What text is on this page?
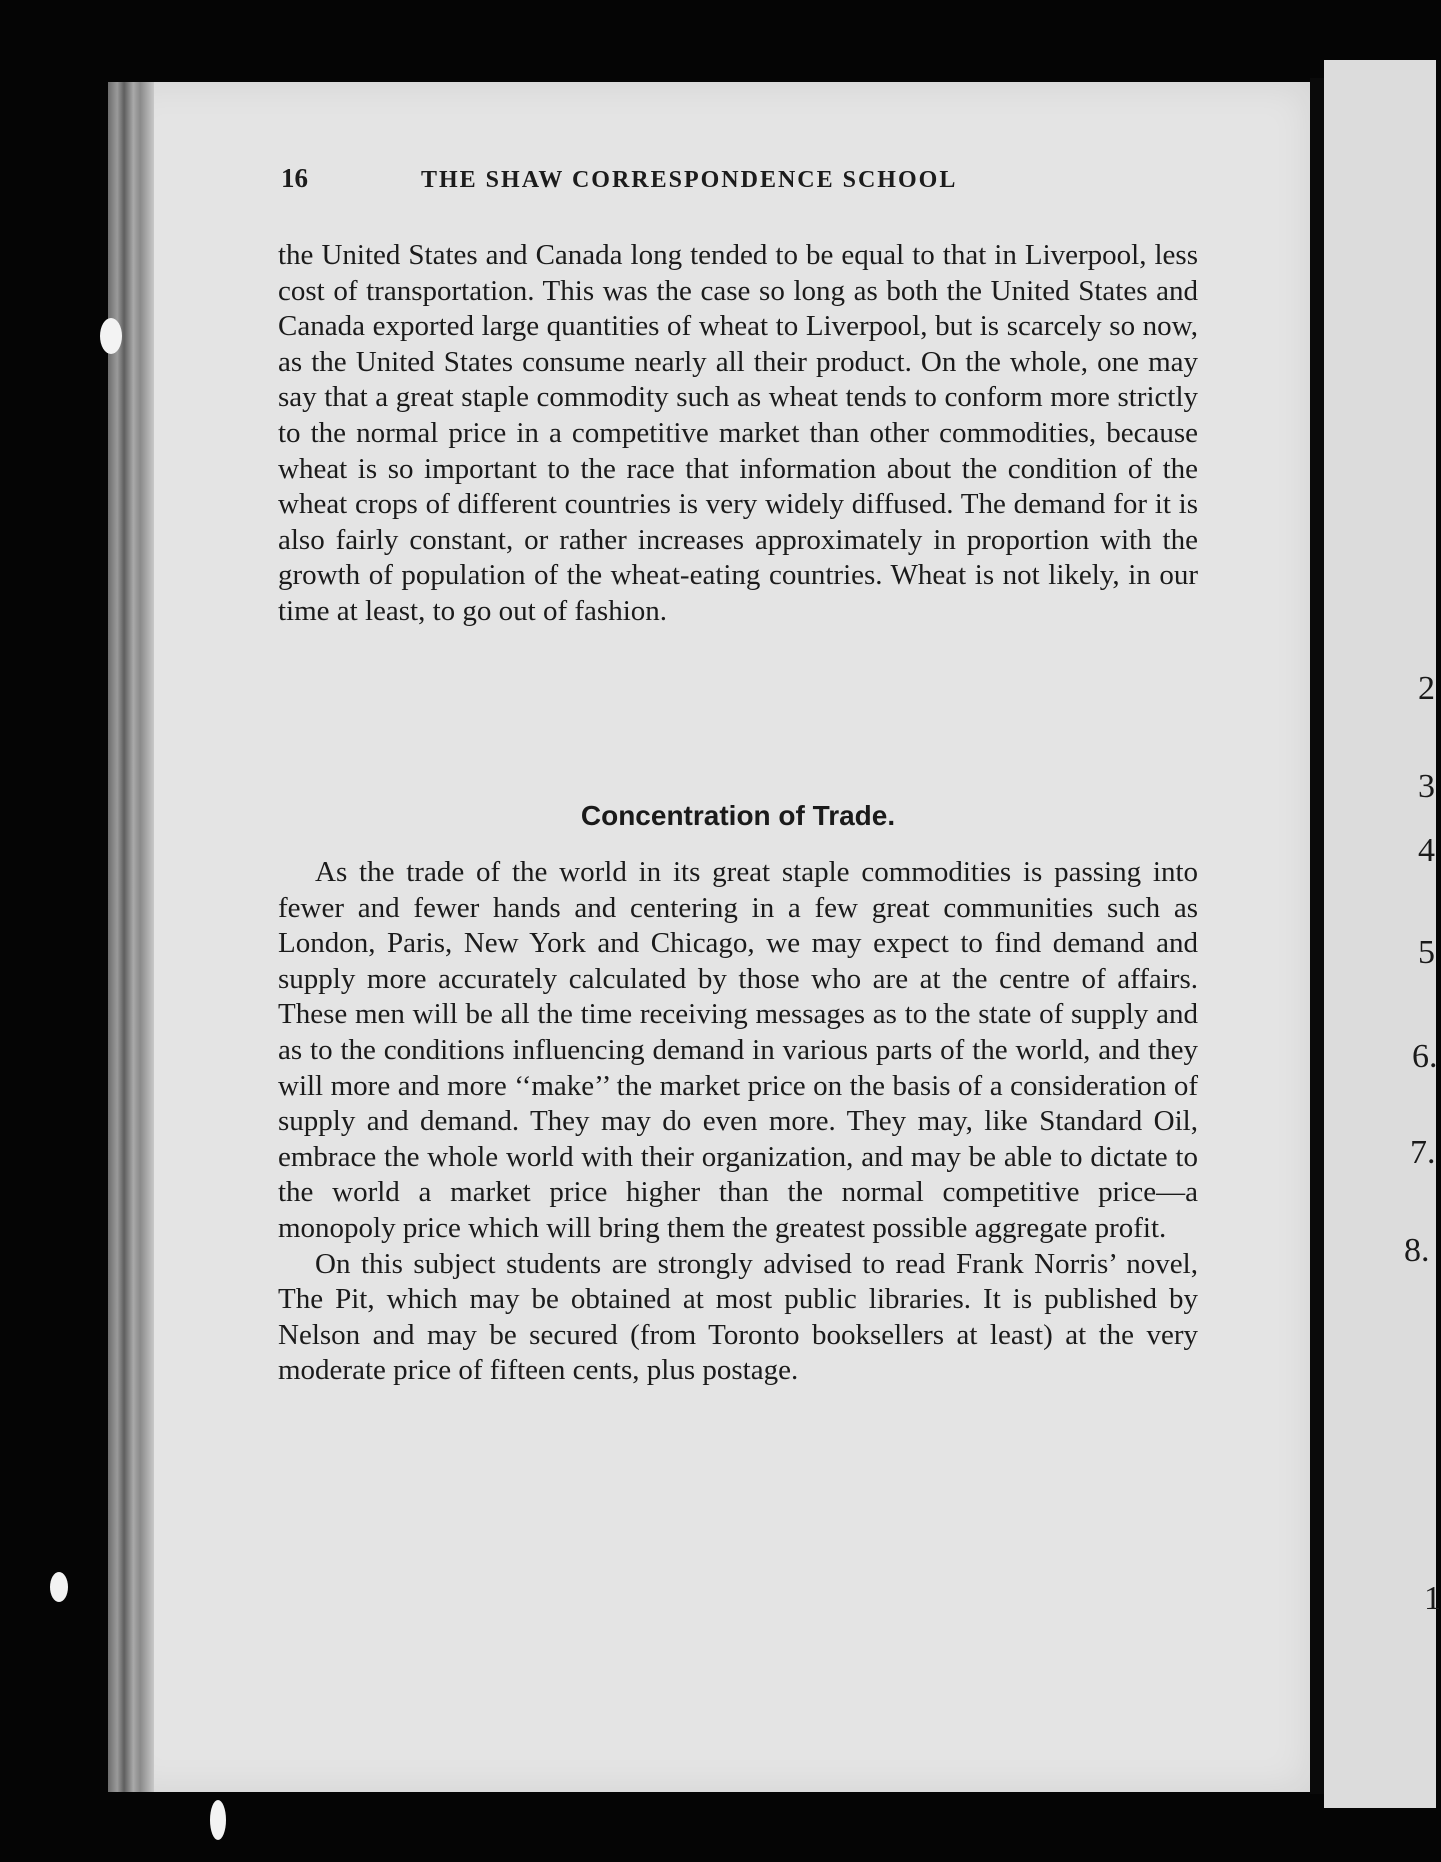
16	THE SHAW CORRESPONDENCE SCHOOL

the United States and Canada long tended to be equal to that in Liverpool, less cost of transportation. This was the case so long as both the United States and Canada exported large quantities of wheat to Liverpool, but is scarcely so now, as the United States consume nearly all their product. On the whole, one may say that a great staple commodity such as wheat tends to conform more strictly to the normal price in a competitive market than other commodities, because wheat is so important to the race that information about the condition of the wheat crops of different countries is very widely diffused. The demand for it is also fairly constant, or rather increases approximately in proportion with the growth of population of the wheat-eating countries. Wheat is not likely, in our time at least, to go out of fashion.

Concentration of Trade.

As the trade of the world in its great staple commodities is passing into fewer and fewer hands and centering in a few great communities such as London, Paris, New York and Chicago, we may expect to find demand and supply more accurately calculated by those who are at the centre of affairs. These men will be all the time receiving messages as to the state of supply and as to the conditions influencing demand in various parts of the world, and they will more and more ‘‘make’’ the market price on the basis of a consideration of supply and demand. They may do even more. They may, like Standard Oil, embrace the whole world with their organization, and may be able to dictate to the world a market price higher than the normal competitive price—a monopoly price which will bring them the greatest possible aggregate profit.

On this subject students are strongly advised to read Frank Norris’ novel, The Pit, which may be obtained at most public libraries. It is published by Nelson and may be secured (from Toronto booksellers at least) at the very moderate price of fifteen cents, plus postage.

2
3
4
5
6.
7.
8.
1
